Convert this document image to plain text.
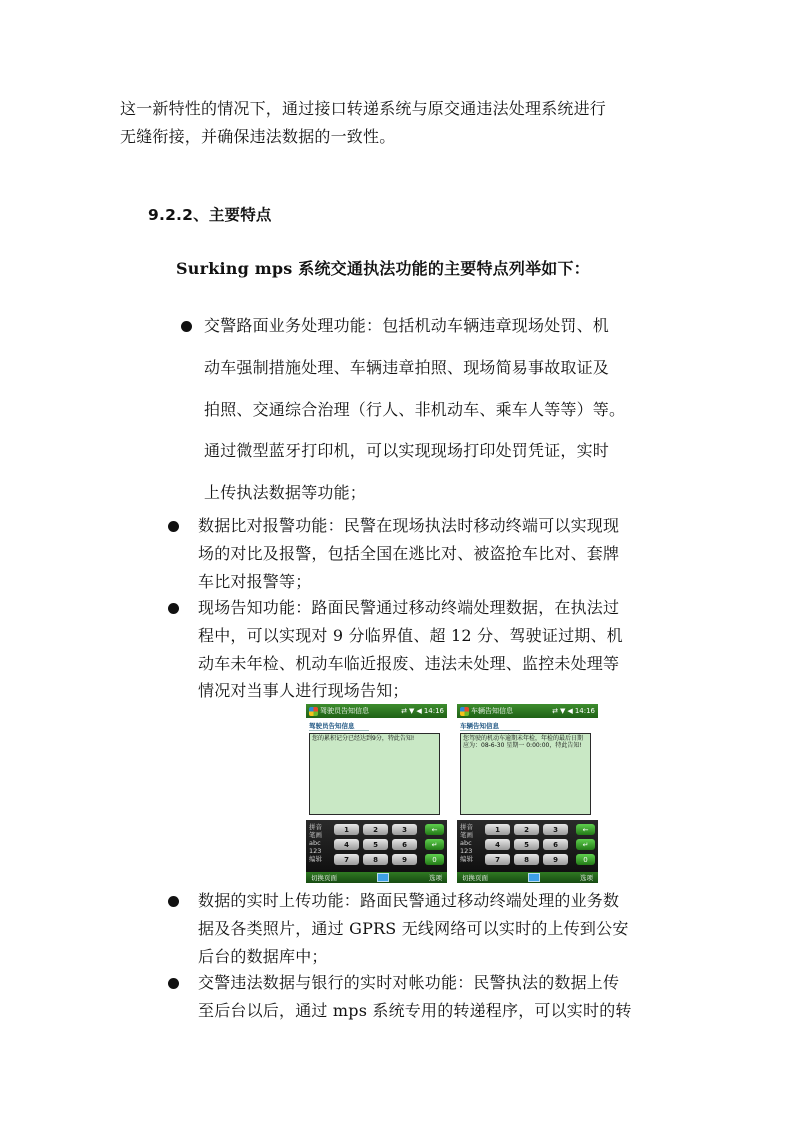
这一新特性的情况下，通过接口转递系统与原交通违法处理系统进行
无缝衔接，并确保违法数据的一致性。
9.2.2、主要特点
Surking mps 系统交通执法功能的主要特点列举如下：
交警路面业务处理功能：包括机动车辆违章现场处罚、机
动车强制措施处理、车辆违章拍照、现场简易事故取证及
拍照、交通综合治理（行人、非机动车、乘车人等等）等。
通过微型蓝牙打印机，可以实现现场打印处罚凭证，实时
上传执法数据等功能；
数据比对报警功能：民警在现场执法时移动终端可以实现现
场的对比及报警，包括全国在逃比对、被盗抢车比对、套牌
车比对报警等；
现场告知功能：路面民警通过移动终端处理数据，在执法过
程中，可以实现对 9 分临界值、超 12 分、驾驶证过期、机
动车未年检、机动车临近报废、违法未处理、监控未处理等
情况对当事人进行现场告知；
驾驶员告知信息	⇄ ▼ ◀ 14:16
驾驶员告知信息
您的累积记分已经达到9分，特此告知!
拼音
笔画
abc
123
编辑
1	2	3
4	5	6
7	8	9
←
↵
0
切换页面	选项
车辆告知信息	⇄ ▼ ◀ 14:16
车辆告知信息
您驾驶的机动车逾期未年检，年检的最后日期应为：08-6-30 星期一 0:00:00，特此告知!
拼音
笔画
abc
123
编辑
1	2	3
4	5	6
7	8	9
←
↵
0
切换页面	选项
数据的实时上传功能：路面民警通过移动终端处理的业务数
据及各类照片，通过 GPRS 无线网络可以实时的上传到公安
后台的数据库中；
交警违法数据与银行的实时对帐功能：民警执法的数据上传
至后台以后，通过 mps 系统专用的转递程序，可以实时的转
